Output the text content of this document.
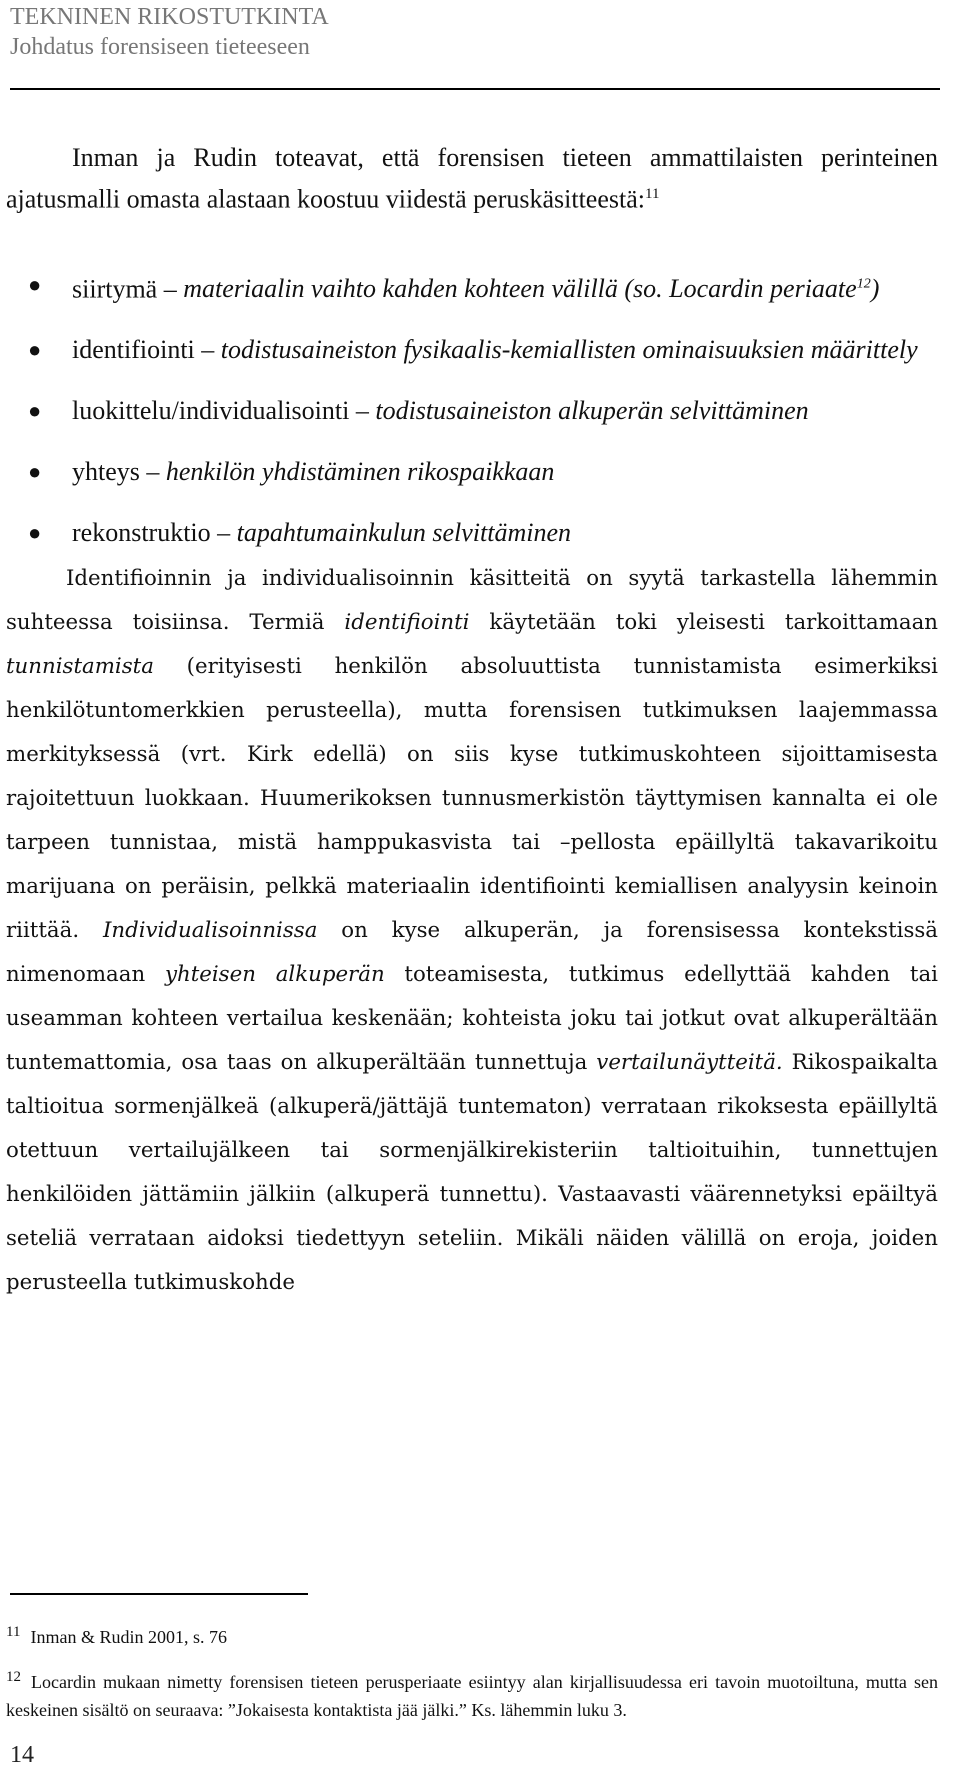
TEKNINEN RIKOSTUTKINTA
Johdatus forensiseen tieteeseen

Inman ja Rudin toteavat, että forensisen tieteen ammattilaisten perinteinen ajatusmalli omasta alastaan koostuu viidestä peruskäsitteestä:$^{11}$

● siirtymä – materiaalin vaihto kahden kohteen välillä (so. Locardin periaate$^{12}$)
● identifiointi – todistusaineiston fysikaalis-kemiallisten ominaisuuksien määrittely
● luokittelu/individualisointi – todistusaineiston alkuperän selvittäminen
● yhteys – henkilön yhdistäminen rikospaikkaan
● rekonstruktio – tapahtumainkulun selvittäminen

Identifioinnin ja individualisoinnin käsitteitä on syytä tarkastella lähemmin suhteessa toisiinsa. Termiä identifiointi käytetään toki yleisesti tarkoittamaan tunnistamista (erityisesti henkilön absoluuttista tunnistamista esimerkiksi henkilötuntomerkkien perusteella), mutta forensisen tutkimuksen laajemmassa merkityksessä (vrt. Kirk edellä) on siis kyse tutkimuskohteen sijoittamisesta rajoitettuun luokkaan. Huumerikoksen tunnusmerkistön täyttymisen kannalta ei ole tarpeen tunnistaa, mistä hamppukasvista tai –pellosta epäillyltä takavarikoitu marijuana on peräisin, pelkkä materiaalin identifiointi kemiallisen analyysin keinoin riittää. Individualisoinnissa on kyse alkuperän, ja forensisessa kontekstissä nimenomaan yhteisen alkuperän toteamisesta, tutkimus edellyttää kahden tai useamman kohteen vertailua keskenään; kohteista joku tai jotkut ovat alkuperältään tuntemattomia, osa taas on alkuperältään tunnettuja vertailunäytteitä. Rikospaikalta taltioitua sormenjälkeä (alkuperä/jättäjä tuntematon) verrataan rikoksesta epäillyltä otettuun vertailujälkeen tai sormenjälkirekisteriin taltioituihin, tunnettujen henkilöiden jättämiin jälkiin (alkuperä tunnettu). Vastaavasti väärennetyksi epäiltyä seteliä verrataan aidoksi tiedettyyn seteliin. Mikäli näiden välillä on eroja, joiden perusteella tutkimuskohde

$^{11}$ Inman & Rudin 2001, s. 76

$^{12}$ Locardin mukaan nimetty forensisen tieteen perusperiaate esiintyy alan kirjallisuudessa eri tavoin muotoiltuna, mutta sen keskeinen sisältö on seuraava: ”Jokaisesta kontaktista jää jälki.” Ks. lähemmin luku 3.

14
